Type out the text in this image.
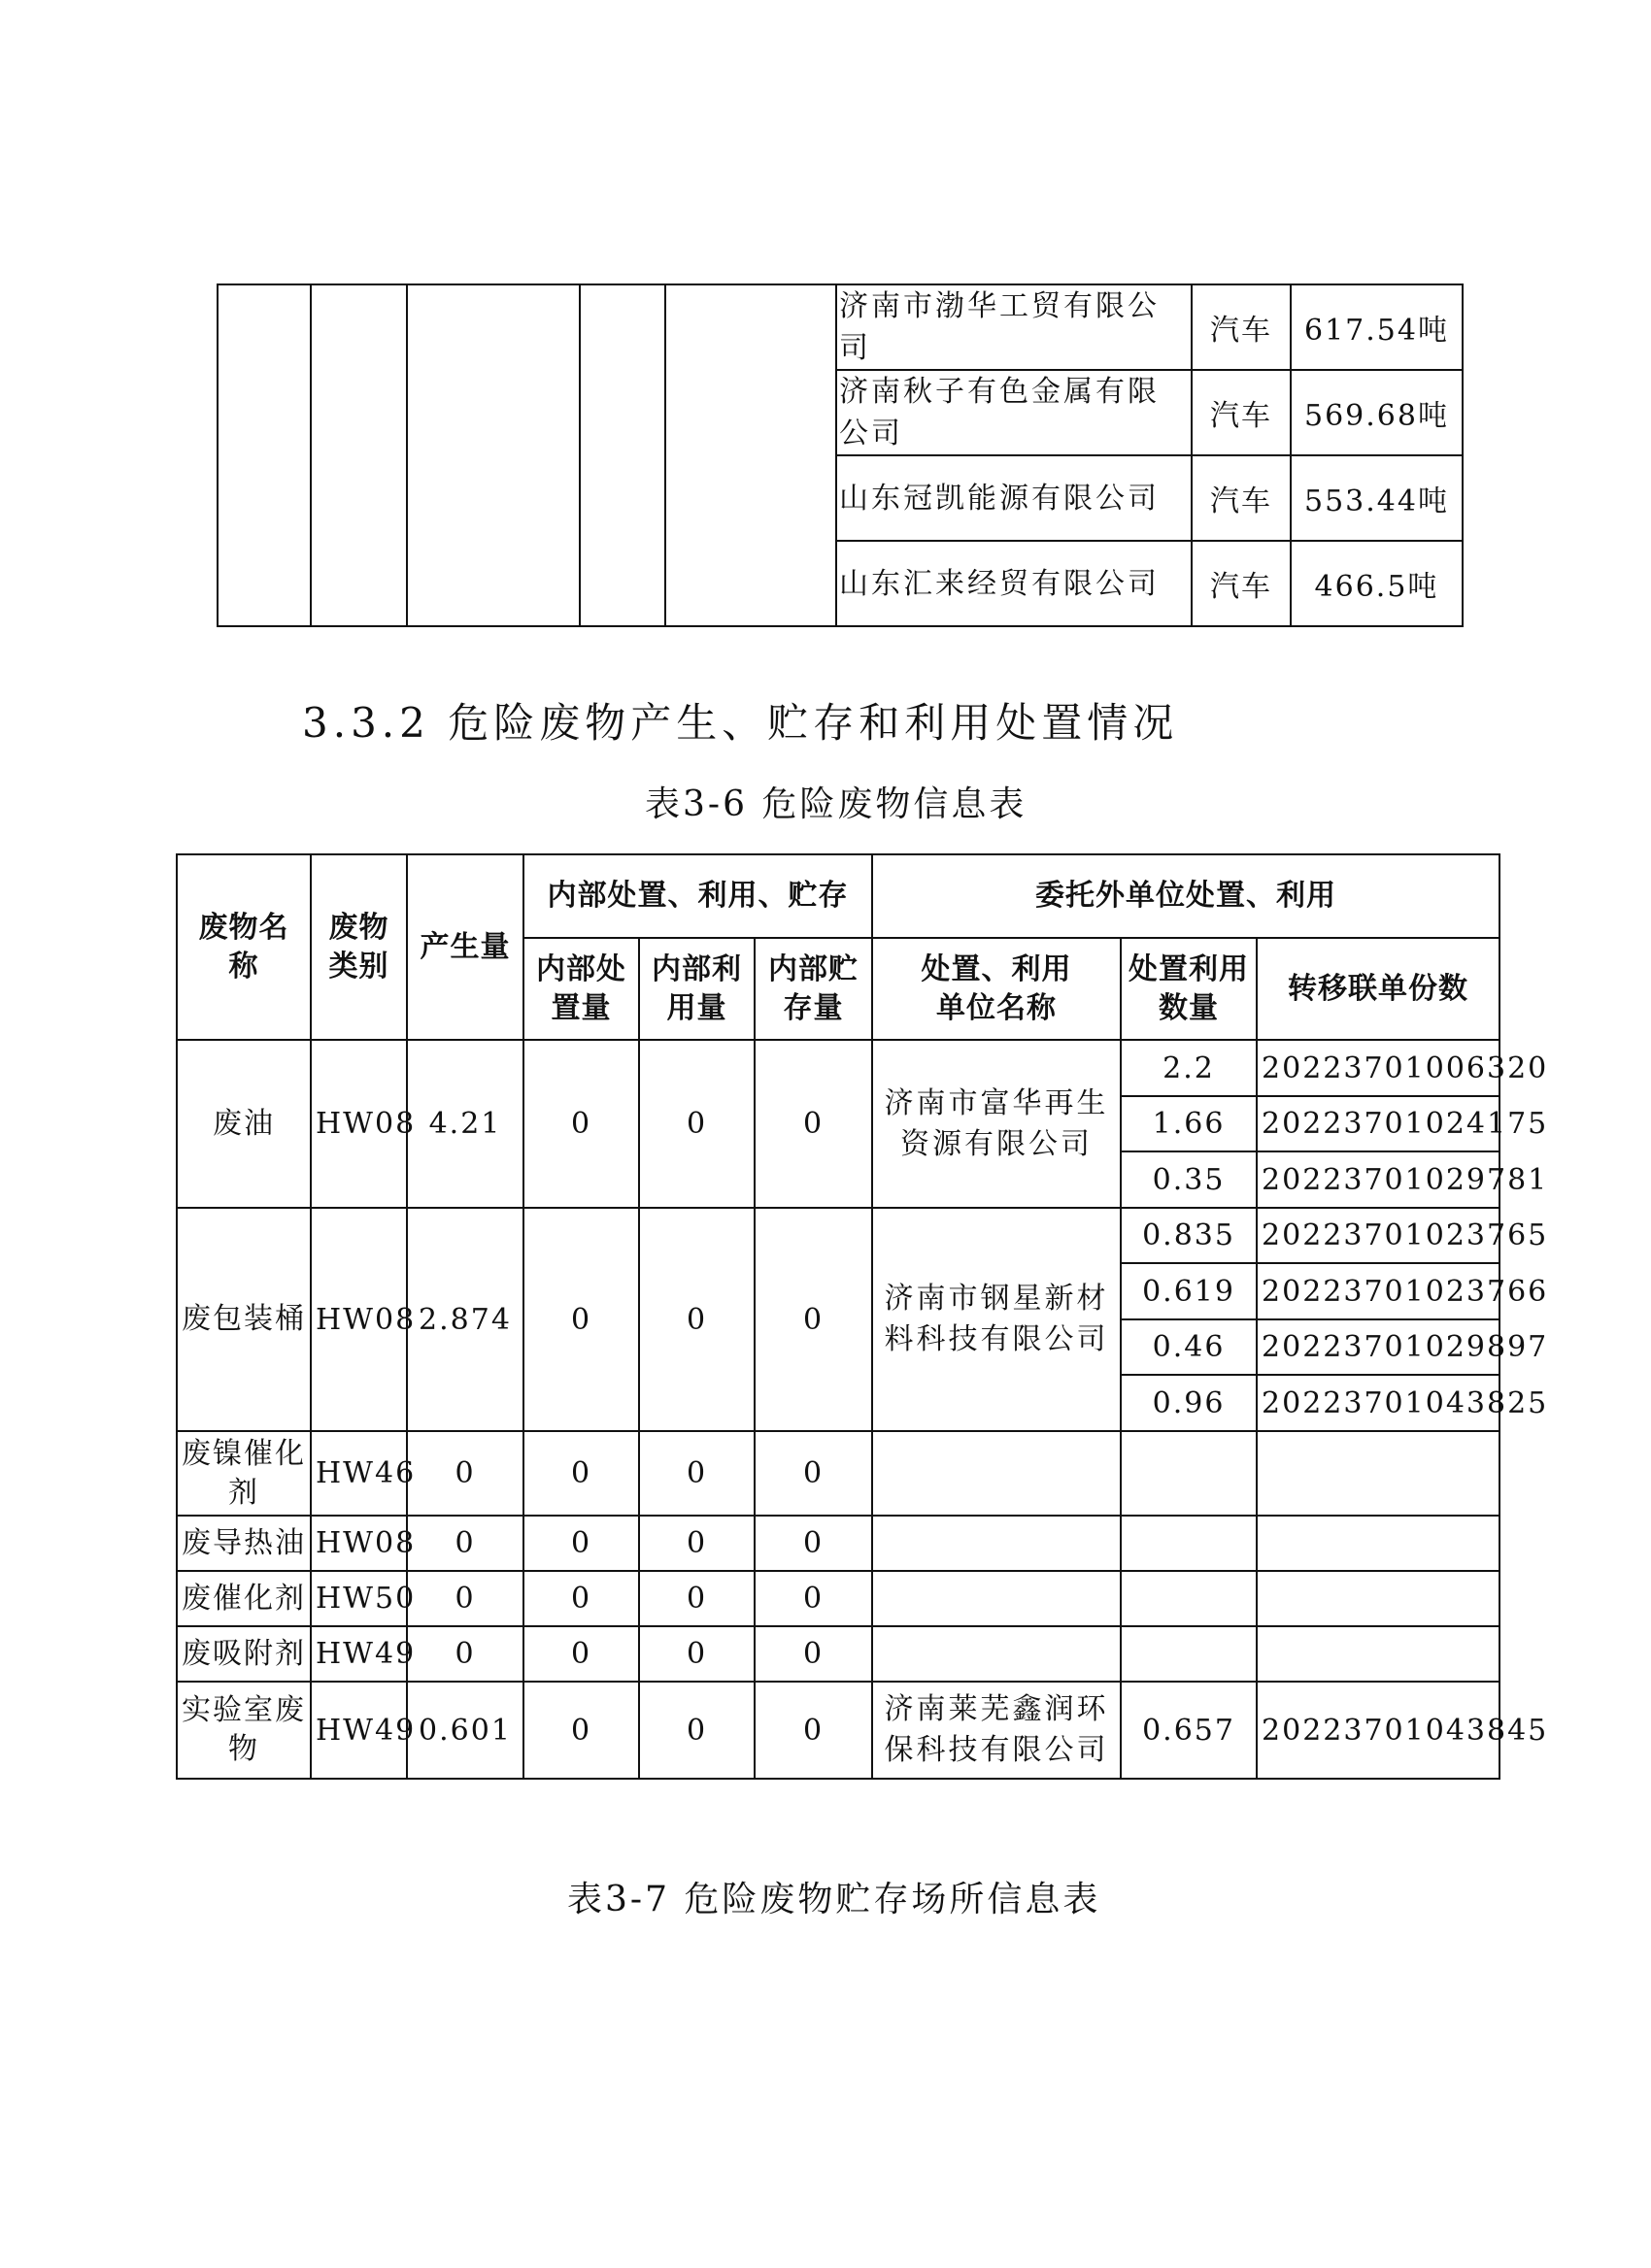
					济南市渤华工贸有限公司	汽车	617.54吨
					济南秋子有色金属有限公司	汽车	569.68吨
					山东冠凯能源有限公司	汽车	553.44吨
					山东汇来经贸有限公司	汽车	466.5吨
3.3.2 危险废物产生、贮存和利用处置情况
表3-6 危险废物信息表
废物名称	废物类别	产生量	内部处置、利用、贮存			委托外单位处置、利用		
			内部处置量	内部利用量	内部贮存量	处置、利用单位名称	处置利用数量	转移联单份数
废油	HW08	4.21	0	0	0	济南市富华再生资源有限公司	2.2	20223701006320
							1.66	20223701024175
							0.35	20223701029781
废包装桶	HW08	2.874	0	0	0	济南市钢星新材料科技有限公司	0.835	20223701023765
							0.619	20223701023766
							0.46	20223701029897
							0.96	20223701043825
废镍催化剂	HW46	0	0	0	0			
废导热油	HW08	0	0	0	0			
废催化剂	HW50	0	0	0	0			
废吸附剂	HW49	0	0	0	0			
实验室废物	HW49	0.601	0	0	0	济南莱芜鑫润环保科技有限公司	0.657	20223701043845
表3-7 危险废物贮存场所信息表
